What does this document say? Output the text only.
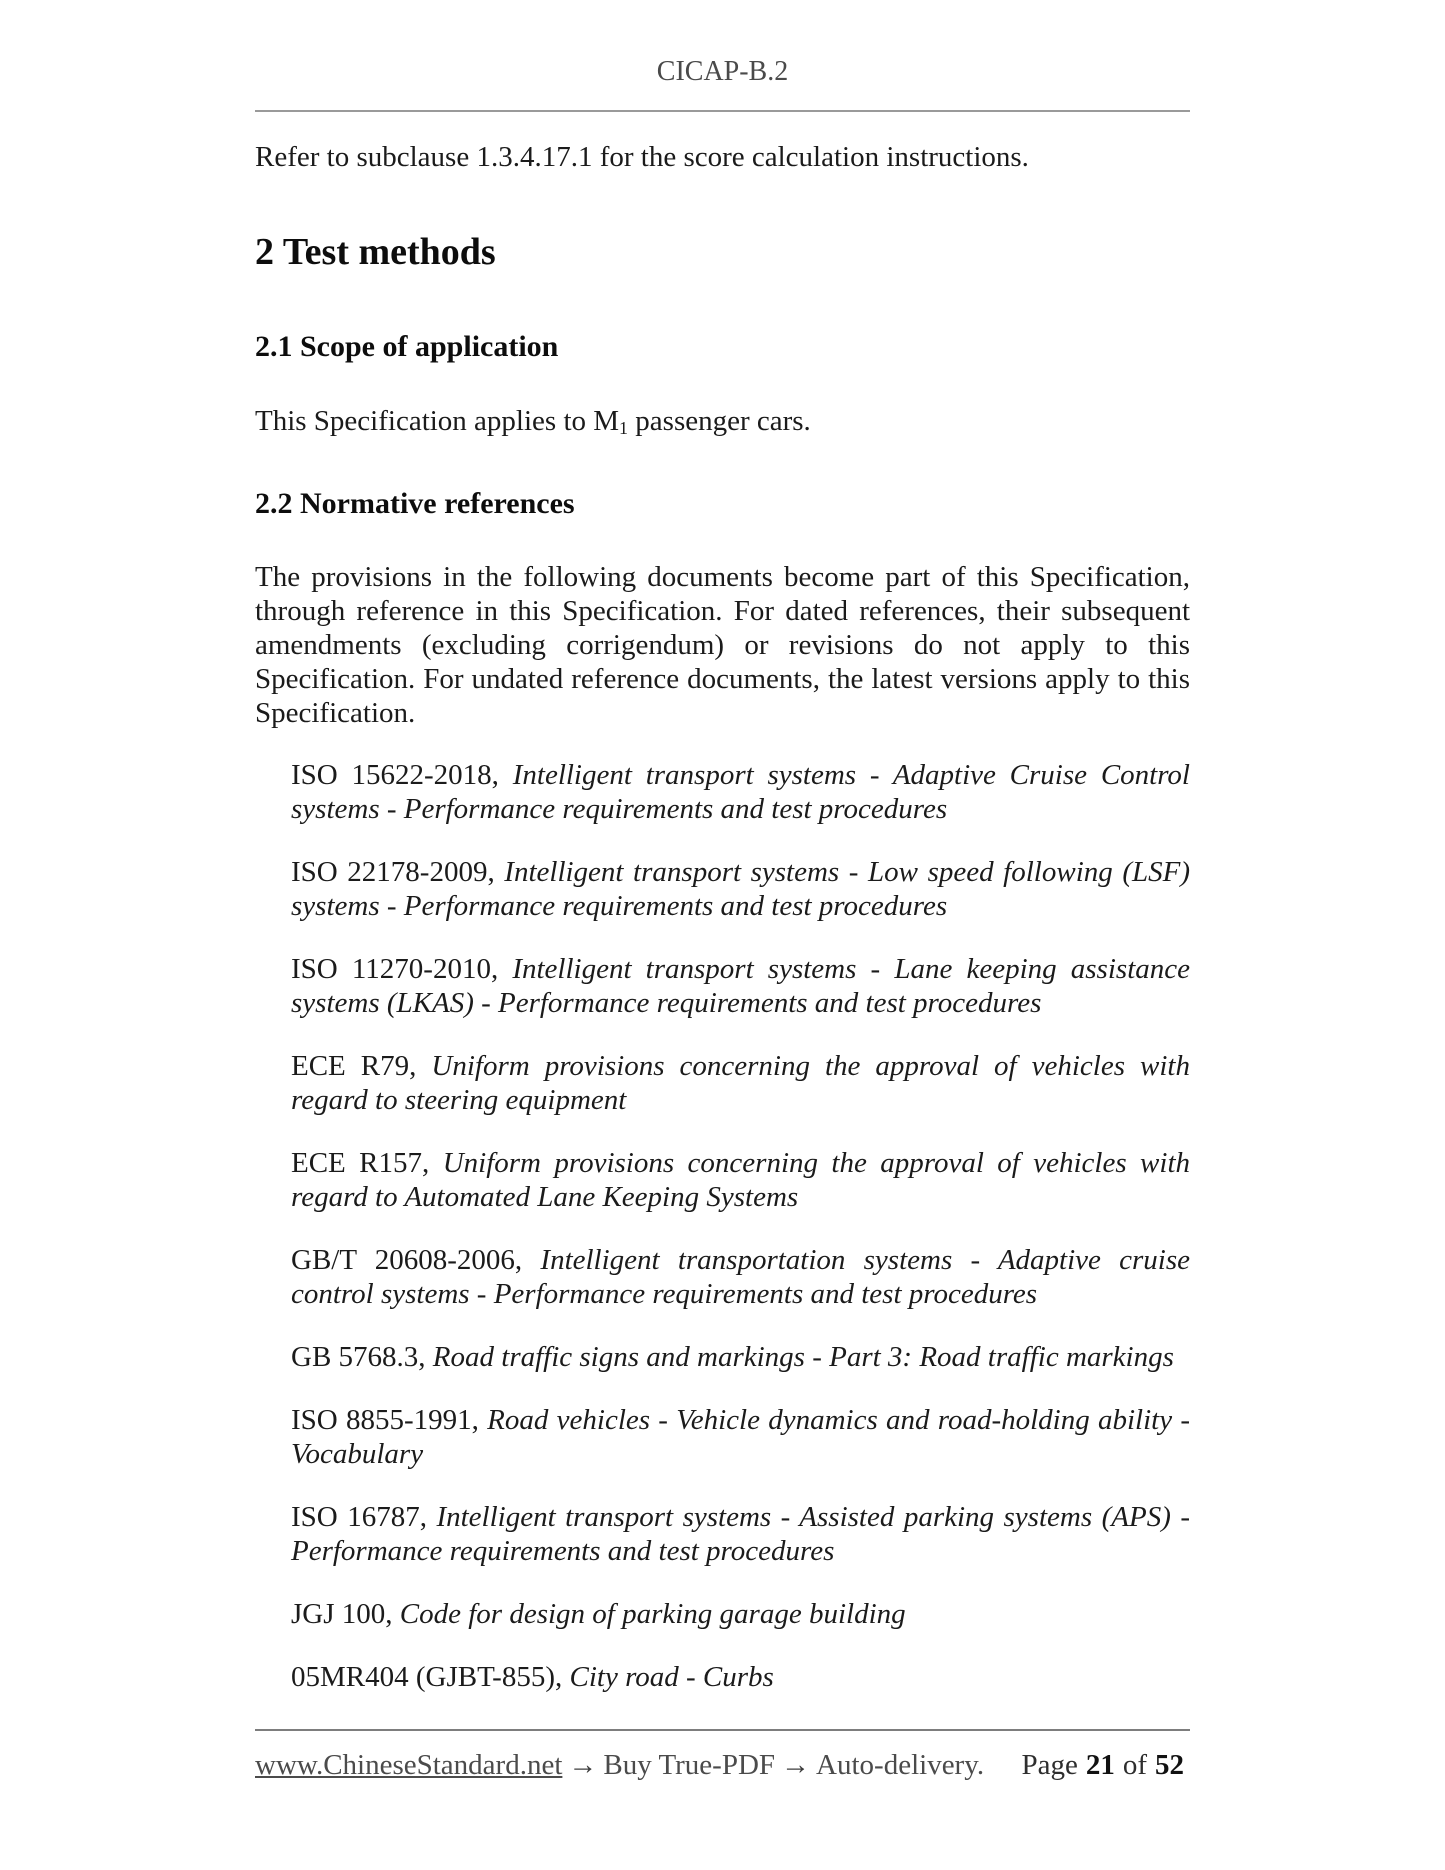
CICAP-B.2

Refer to subclause 1.3.4.17.1 for the score calculation instructions.

2 Test methods
2.1 Scope of application

This Specification applies to $M_1$ passenger cars.

2.2 Normative references

The provisions in the following documents become part of this Specification, through reference in this Specification. For dated references, their subsequent amendments (excluding corrigendum) or revisions do not apply to this Specification. For undated reference documents, the latest versions apply to this Specification.

ISO 15622-2018, Intelligent transport systems - Adaptive Cruise Control systems - Performance requirements and test procedures

ISO 22178-2009, Intelligent transport systems - Low speed following (LSF) systems - Performance requirements and test procedures

ISO 11270-2010, Intelligent transport systems - Lane keeping assistance systems (LKAS) - Performance requirements and test procedures

ECE R79, Uniform provisions concerning the approval of vehicles with regard to steering equipment

ECE R157, Uniform provisions concerning the approval of vehicles with regard to Automated Lane Keeping Systems

GB/T 20608-2006, Intelligent transportation systems - Adaptive cruise control systems - Performance requirements and test procedures

GB 5768.3, Road traffic signs and markings - Part 3: Road traffic markings

ISO 8855-1991, Road vehicles - Vehicle dynamics and road-holding ability - Vocabulary

ISO 16787, Intelligent transport systems - Assisted parking systems (APS) - Performance requirements and test procedures

JGJ 100, Code for design of parking garage building

05MR404 (GJBT-855), City road - Curbs

www.ChineseStandard.net → Buy True-PDF → Auto-delivery. Page 21 of 52
